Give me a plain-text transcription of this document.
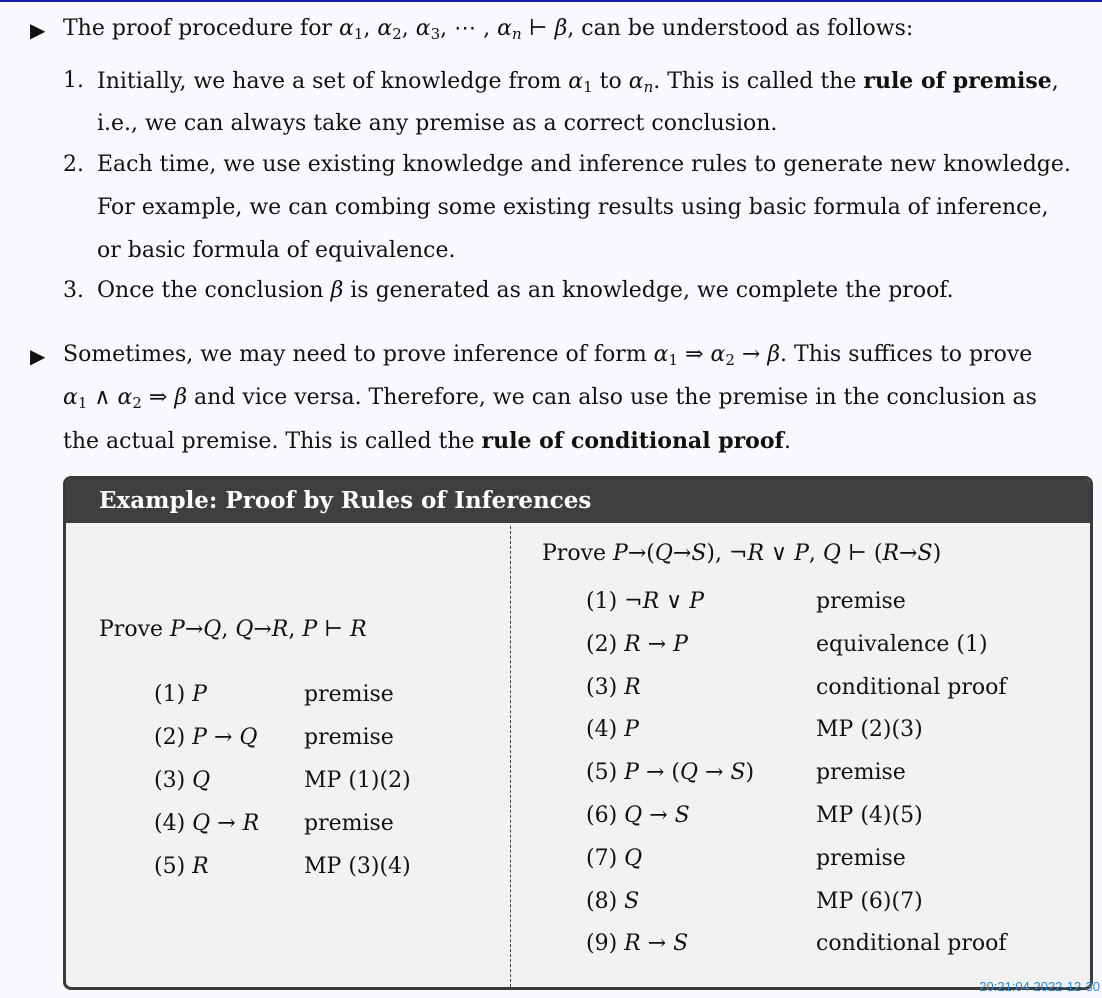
▶ The proof procedure for $\alpha_1$, $\alpha_2$, $\alpha_3$, ⋯ , $\alpha_n$ ⊢ β, can be understood as follows:
1. Initially, we have a set of knowledge from $\alpha_1$ to $\alpha_n$. This is called the rule of premise,
i.e., we can always take any premise as a correct conclusion.
2. Each time, we use existing knowledge and inference rules to generate new knowledge.
For example, we can combing some existing results using basic formula of inference,
or basic formula of equivalence.
3. Once the conclusion β is generated as an knowledge, we complete the proof.
▶ Sometimes, we may need to prove inference of form $\alpha_1$ ⇒ $\alpha_2 \to \beta$. This suffices to prove
$\alpha_1$ ∧ $\alpha_2$ ⇒ β and vice versa. Therefore, we can also use the premise in the conclusion as
the actual premise. This is called the rule of conditional proof.
Example: Proof by Rules of Inferences
Prove P→Q, Q→R, P ⊢ R
(1) P	premise
(2) P → Q premise
(3) Q	MP (1)(2)
(4) Q → R premise
(5) R	MP (3)(4)
Prove P→(Q→S), ¬R ∨ P, Q ⊢ (R→S)
(1) ¬R ∨ P	premise
(2) R → P	equivalence (1)
(3) R	conditional proof
(4) P	MP (2)(3)
(5) P → (Q → S)	premise
(6) Q → S	MP (4)(5)
(7) Q	premise
(8) S	MP (6)(7)
(9) R → S	conditional proof
20:21:04 2022-12-30
